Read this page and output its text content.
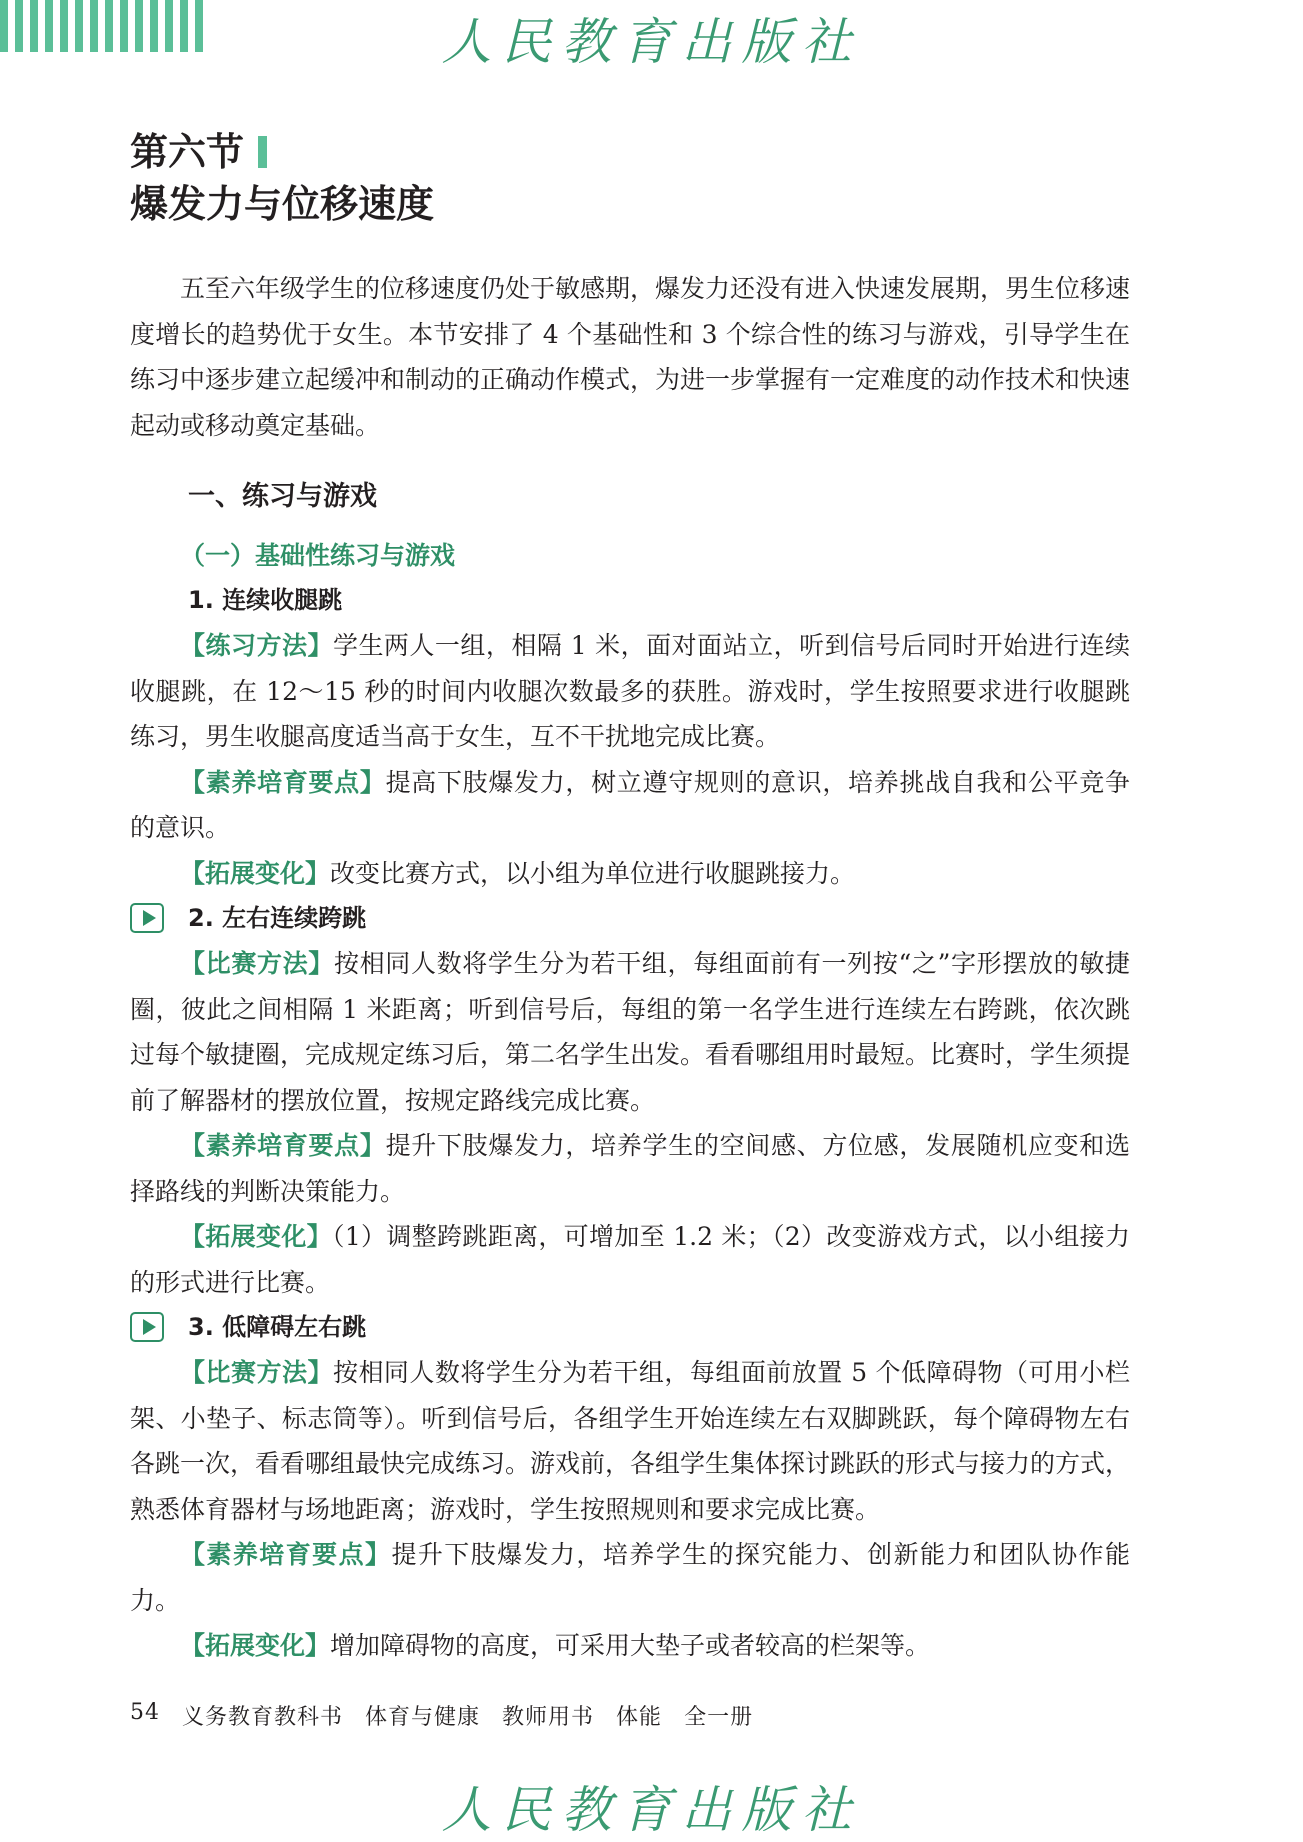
人民教育出版社
第六节
爆发力与位移速度

五至六年级学生的位移速度仍处于敏感期，爆发力还没有进入快速发展期，男生位移速度增长的趋势优于女生。本节安排了 4 个基础性和 3 个综合性的练习与游戏，引导学生在练习中逐步建立起缓冲和制动的正确动作模式，为进一步掌握有一定难度的动作技术和快速起动或移动奠定基础。

一、练习与游戏
（一）基础性练习与游戏
1. 连续收腿跳

【练习方法】学生两人一组，相隔 1 米，面对面站立，听到信号后同时开始进行连续收腿跳，在 12～15 秒的时间内收腿次数最多的获胜。游戏时，学生按照要求进行收腿跳练习，男生收腿高度适当高于女生，互不干扰地完成比赛。

【素养培育要点】提高下肢爆发力，树立遵守规则的意识，培养挑战自我和公平竞争的意识。

【拓展变化】改变比赛方式，以小组为单位进行收腿跳接力。

2. 左右连续跨跳

【比赛方法】按相同人数将学生分为若干组，每组面前有一列按“之”字形摆放的敏捷圈，彼此之间相隔 1 米距离；听到信号后，每组的第一名学生进行连续左右跨跳，依次跳过每个敏捷圈，完成规定练习后，第二名学生出发。看看哪组用时最短。比赛时，学生须提前了解器材的摆放位置，按规定路线完成比赛。

【素养培育要点】提升下肢爆发力，培养学生的空间感、方位感，发展随机应变和选择路线的判断决策能力。

【拓展变化】（1）调整跨跳距离，可增加至 1.2 米；（2）改变游戏方式，以小组接力的形式进行比赛。

3. 低障碍左右跳

【比赛方法】按相同人数将学生分为若干组，每组面前放置 5 个低障碍物（可用小栏架、小垫子、标志筒等）。听到信号后，各组学生开始连续左右双脚跳跃，每个障碍物左右各跳一次，看看哪组最快完成练习。游戏前，各组学生集体探讨跳跃的形式与接力的方式，熟悉体育器材与场地距离；游戏时，学生按照规则和要求完成比赛。

【素养培育要点】提升下肢爆发力，培养学生的探究能力、创新能力和团队协作能力。

【拓展变化】增加障碍物的高度，可采用大垫子或者较高的栏架等。

54 义务教育教科书 体育与健康 教师用书 体能 全一册
人民教育出版社
